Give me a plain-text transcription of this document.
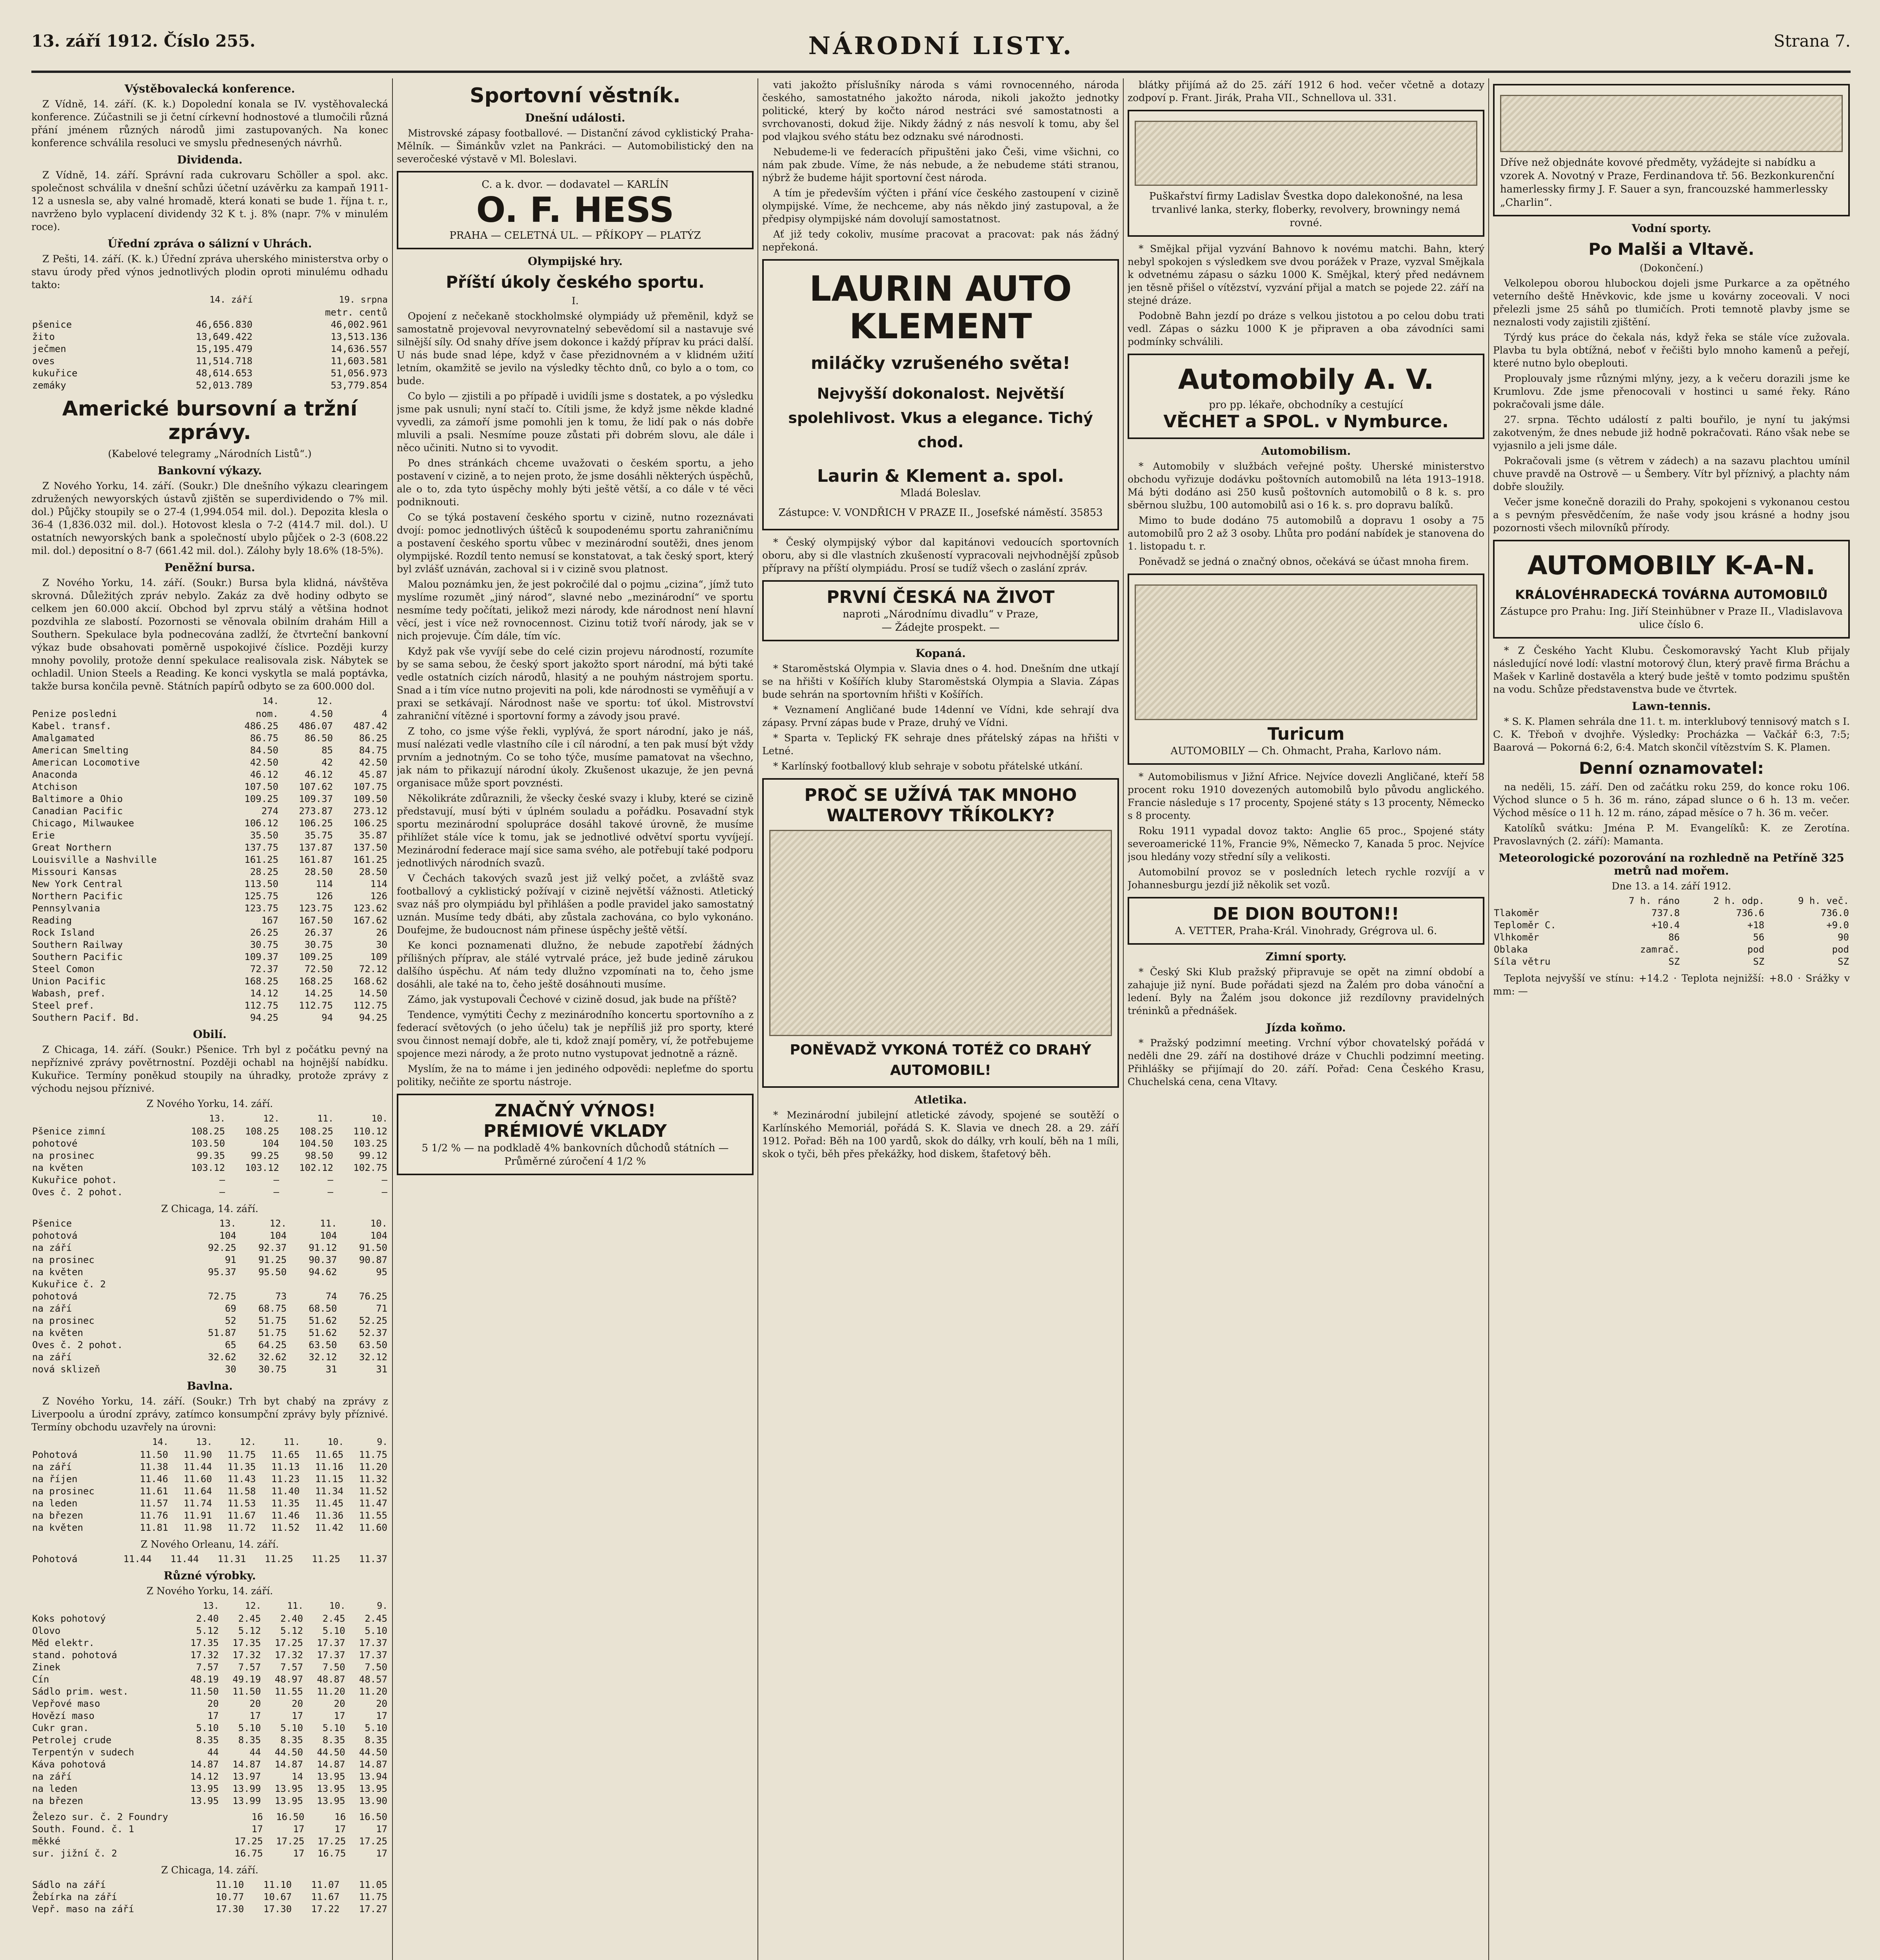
13. září 1912. Číslo 255.	NÁRODNÍ LISTY.	Strana 7.
Výstěbovalecká konference.

Z Vídně, 14. září. (K. k.) Dopolední konala se IV. vystěhovalecká konference. Zúčastnili se ji četní církevní hodnostové a tlumočili různá přání jménem různých národů jimi zastupovaných. Na konec konference schválila resoluci ve smyslu přednesených návrhů.

Dividenda.

Z Vídně, 14. září. Správní rada cukrovaru Schöller a spol. akc. společnost schválila v dnešní schůzi účetní uzávěrku za kampaň 1911-12 a usnesla se, aby valné hromadě, která konati se bude 1. října t. r., navrženo bylo vyplacení dividendy 32 K t. j. 8% (napr. 7% v minulém roce).

Úřední zpráva o sálizní v Uhrách.

Z Pešti, 14. září. (K. k.) Úřední zpráva uherského ministerstva orby o stavu úrody před výnos jednotlivých plodin oproti minulému odhadu takto:

	14. září	19. srpna
		metr. centů
pšenice	46,656.830	46,002.961
žito	13,649.422	13,513.136
ječmen	15,195.479	14,636.557
oves	11,514.718	11,603.581
kukuřice	48,614.653	51,056.973
zemáky	52,013.789	53,779.854
Americké bursovní a tržní zprávy.
(Kabelové telegramy „Národních Listů“.)
Bankovní výkazy.

Z Nového Yorku, 14. září. (Soukr.) Dle dnešního výkazu clearingem združených newyorských ústavů zjištěn se superdividendo o 7% mil. dol.) Půjčky stoupily se o 27-4 (1,994.054 mil. dol.). Depozita klesla o 36-4 (1,836.032 mil. dol.). Hotovost klesla o 7-2 (414.7 mil. dol.). U ostatních newyorských bank a společností ubylo půjček o 2-3 (608.22 mil. dol.) depositní o 8-7 (661.42 mil. dol.). Zálohy byly 18.6% (18-5%).

Peněžní bursa.

Z Nového Yorku, 14. září. (Soukr.) Bursa byla klidná, návštěva skrovná. Důležitých zpráv nebylo. Zakáz za dvě hodiny odbyto se celkem jen 60.000 akcií. Obchod byl zprvu stálý a většina hodnot pozdvihla ze slabostí. Pozornosti se věnovala obilním drahám Hill a Southern. Spekulace byla podnecována zadlží, že čtvrteční bankovní výkaz bude obsahovati poměrně uspokojivé číslice. Později kurzy mnohy povolily, protože denní spekulace realisovala zisk. Nábytek se ochladil. Union Steels a Reading. Ke konci vyskytla se malá poptávka, takže bursa končila pevně. Státních papírů odbyto se za 600.000 dol.

	14.	12.	
Penize posledni	nom.	4.50	4
Kabel. transf.	486.25	486.07	487.42
Amalgamated	86.75	86.50	86.25
American Smelting	84.50	85	84.75
American Locomotive	42.50	42	42.50
Anaconda	46.12	46.12	45.87
Atchison	107.50	107.62	107.75
Baltimore a Ohio	109.25	109.37	109.50
Canadian Pacific	274	273.87	273.12
Chicago, Milwaukee	106.12	106.25	106.25
Erie	35.50	35.75	35.87
Great Northern	137.75	137.87	137.50
Louisville a Nashville	161.25	161.87	161.25
Missouri Kansas	28.25	28.50	28.50
New York Central	113.50	114	114
Northern Pacific	125.75	126	126
Pennsylvania	123.75	123.75	123.62
Reading	167	167.50	167.62
Rock Island	26.25	26.37	26
Southern Railway	30.75	30.75	30
Southern Pacific	109.37	109.25	109
Steel Comon	72.37	72.50	72.12
Union Pacific	168.25	168.25	168.62
Wabash, pref.	14.12	14.25	14.50
Steel pref.	112.75	112.75	112.75
Southern Pacif. Bd.	94.25	94	94.25
Obilí.

Z Chicaga, 14. září. (Soukr.) Pšenice. Trh byl z počátku pevný na nepříznivé zprávy povětrnostní. Později ochabl na hojnější nabídku. Kukuřice. Termíny poněkud stoupily na úhradky, protože zprávy z východu nejsou příznivé.

Z Nového Yorku, 14. září.
	13.	12.	11.	10.
Pšenice zimní	108.25	108.25	108.25	110.12
pohotové	103.50	104	104.50	103.25
na prosinec	99.35	99.25	98.50	99.12
na květen	103.12	103.12	102.12	102.75
Kukuřice pohot.	—	—	—	—
Oves č. 2 pohot.	—	—	—	—
Z Chicaga, 14. září.
Pšenice	13.	12.	11.	10.
pohotová	104	104	104	104
na září	92.25	92.37	91.12	91.50
na prosinec	91	91.25	90.37	90.87
na květen	95.37	95.50	94.62	95
Kukuřice č. 2				
pohotová	72.75	73	74	76.25
na září	69	68.75	68.50	71
na prosinec	52	51.75	51.62	52.25
na květen	51.87	51.75	51.62	52.37
Oves č. 2 pohot.	65	64.25	63.50	63.50
na září	32.62	32.62	32.12	32.12
nová sklizeň	30	30.75	31	31
Bavlna.

Z Nového Yorku, 14. září. (Soukr.) Trh byt chabý na zprávy z Liverpoolu a úrodní zprávy, zatímco konsumpční zprávy byly příznivé. Termíny obchodu uzavřely na úrovni:

	14.	13.	12.	11.	10.	9.
Pohotová	11.50	11.90	11.75	11.65	11.65	11.75
na září	11.38	11.44	11.35	11.13	11.16	11.20
na říjen	11.46	11.60	11.43	11.23	11.15	11.32
na prosinec	11.61	11.64	11.58	11.40	11.34	11.52
na leden	11.57	11.74	11.53	11.35	11.45	11.47
na březen	11.76	11.91	11.67	11.46	11.36	11.55
na květen	11.81	11.98	11.72	11.52	11.42	11.60
Z Nového Orleanu, 14. září.
Pohotová	11.44	11.44	11.31	11.25	11.25	11.37
Různé výrobky.
Z Nového Yorku, 14. září.
	13.	12.	11.	10.	9.
Koks pohotový	2.40	2.45	2.40	2.45	2.45
Olovo	5.12	5.12	5.12	5.10	5.10
Měd elektr.	17.35	17.35	17.25	17.37	17.37
stand. pohotová	17.32	17.32	17.32	17.37	17.37
Zinek	7.57	7.57	7.57	7.50	7.50
Cín	48.19	49.19	48.97	48.87	48.57
Sádlo prim. west.	11.50	11.50	11.55	11.20	11.20
Vepřové maso	20	20	20	20	20
Hovězí maso	17	17	17	17	17
Cukr gran.	5.10	5.10	5.10	5.10	5.10
Petrolej crude	8.35	8.35	8.35	8.35	8.35
Terpentýn v sudech	44	44	44.50	44.50	44.50
Káva pohotová	14.87	14.87	14.87	14.87	14.87
na září	14.12	13.97	14	13.95	13.94
na leden	13.95	13.99	13.95	13.95	13.95
na březen	13.95	13.99	13.95	13.95	13.90
Železo sur. č. 2 Foundry	16	16.50	16	16.50
South. Found. č. 1	17	17	17	17
měkké	17.25	17.25	17.25	17.25
sur. jižní č. 2	16.75	17	16.75	17
Z Chicaga, 14. září.
Sádlo na září	11.10	11.10	11.07	11.05
Žebírka na září	10.77	10.67	11.67	11.75
Vepř. maso na září	17.30	17.30	17.22	17.27
Sportovní věstník.
Dnešní události.

Mistrovské zápasy footballové. — Distanční závod cyklistický Praha-Mělník. — Šimánkův vzlet na Pankráci. — Automobilistický den na severočeské výstavě v Ml. Boleslavi.

C. a k. dvor. — dodavatel — KARLÍN
O. F. HESS
PRAHA — CELETNÁ UL. — PŘÍKOPY — PLATÝZ
Olympijské hry.
Příští úkoly českého sportu.
I.

Opojení z nečekaně stockholmské olympiády už přeměnil, když se samostatně projevoval nevyrovnatelný sebevědomí sil a nastavuje své silnější síly. Od snahy dříve jsem dokonce i každý příprav ku práci další. U nás bude snad lépe, když v čase přezidnovném a v klidném užití letním, okamžitě se jevilo na výsledky těchto dnů, co bylo a o tom, co bude.

Co bylo — zjistili a po případě i uvidíli jsme s dostatek, a po výsledku jsme pak usnuli; nyní stačí to. Cítili jsme, že když jsme někde kladné vyvedli, za zámoří jsme pomohli jen k tomu, že lidí pak o nás dobře mluvili a psali. Nesmíme pouze zůstati při dobrém slovu, ale dále i něco učiniti. Nutno si to vyvodit.

Po dnes stránkách chceme uvažovati o českém sportu, a jeho postavení v cizině, a to nejen proto, že jsme dosáhli některých úspěchů, ale o to, zda tyto úspěchy mohly býti ještě větší, a co dále v té věci podniknouti.

Co se týká postavení českého sportu v cizině, nutno rozeznávati dvojí: pomoc jednotlivých úštěců k soupodenému sportu zahraničnímu a postavení českého sportu vůbec v mezinárodní soutěži, dnes jenom olympijské. Rozdíl tento nemusí se konstatovat, a tak český sport, který byl zvlášť uznáván, zachoval si i v cizině svou platnost.

Malou poznámku jen, že jest pokročilé dal o pojmu „cizina“, jímž tuto myslíme rozumět „jiný národ“, slavné nebo „mezinárodní“ ve sportu nesmíme tedy počítati, jelikož mezi národy, kde národnost není hlavní věcí, jest i více než rovnocennost. Cizinu totiž tvoří národy, jak se v nich projevuje. Čím dále, tím víc.

Když pak vše vyvíjí sebe do celé cizin projevu národností, rozumíte by se sama sebou, že český sport jakožto sport národní, má býti také vedle ostatních cizích národů, hlasitý a ne pouhým nástrojem sportu. Snad a i tím více nutno projeviti na poli, kde národnosti se vyměňují a v praxi se setkávají. Národnost naše ve sportu: toť úkol. Mistrovství zahraniční vítězné i sportovní formy a závody jsou pravé.

Z toho, co jsme výše řekli, vyplývá, že sport národní, jako je náš, musí nalézati vedle vlastního cíle i cíl národní, a ten pak musí být vždy prvním a jednotným. Co se toho týče, musíme pamatovat na všechno, jak nám to přikazují národní úkoly. Zkušenost ukazuje, že jen pevná organisace může sport povznésti.

Několikráte zdůraznili, že všecky české svazy i kluby, které se cizině představují, musí býti v úplném souladu a pořádku. Posavadní styk sportu mezinárodní spolupráce dosáhl takové úrovně, že musíme přihlížet stále více k tomu, jak se jednotlivé odvětví sportu vyvíjejí. Mezinárodní federace mají sice sama svého, ale potřebují také podporu jednotlivých národních svazů.

V Čechách takových svazů jest již velký počet, a zvláště svaz footballový a cyklistický požívají v cizině největší vážnosti. Atletický svaz náš pro olympiádu byl přihlášen a podle pravidel jako samostatný uznán. Musíme tedy dbáti, aby zůstala zachována, co bylo vykonáno. Doufejme, že budoucnost nám přinese úspěchy ještě větší.

Ke konci poznamenati dlužno, že nebude zapotřebí žádných přílišných příprav, ale stálé vytrvalé práce, jež bude jedině zárukou dalšího úspěchu. Ať nám tedy dlužno vzpomínati na to, čeho jsme dosáhli, ale také na to, čeho ještě dosáhnouti musíme.

Zámo, jak vystupovali Čechové v cizině dosud, jak bude na příště?

Tendence, vymýtiti Čechy z mezinárodního koncertu sportovního a z federací světových (o jeho účelu) tak je nepříliš již pro sporty, které svou činnost nemají dobře, ale ti, kdož znají poměry, ví, že potřebujeme spojence mezi národy, a že proto nutno vystupovat jednotně a rázně.

Myslím, že na to máme i jen jediného odpovědi: nepleťme do sportu politiky, nečiňte ze sportu nástroje.

ZNAČNÝ VÝNOS!
PRÉMIOVÉ VKLADY
5 1/2 % — na podkladě 4% bankovních důchodů státních — Průměrné zúročení 4 1/2 %

vati jakožto příslušníky národa s vámi rovnocenného, národa českého, samostatného jakožto národa, nikoli jakožto jednotky politické, který by kočto národ nestráci své samostatnosti a svrchovanosti, dokud žije. Nikdy žádný z nás nesvolí k tomu, aby šel pod vlajkou svého státu bez odznaku své národnosti.

Nebudeme-li ve federacích připuštěni jako Češi, vime všichni, co nám pak zbude. Víme, že nás nebude, a že nebudeme státi stranou, nýbrž že budeme hájit sportovní čest národa.

A tím je především výčten i přání více českého zastoupení v cizině olympijské. Víme, že nechceme, aby nás někdo jiný zastupoval, a že předpisy olympijské nám dovolují samostatnost.

Ať již tedy cokoliv, musíme pracovat a pracovat: pak nás žádný nepřekoná.

LAURIN AUTO KLEMENT
miláčky vzrušeného světa!
Nejvyšší dokonalost. Největší spolehlivost. Vkus a elegance. Tichý chod.
Laurin & Klement a. spol.
Mladá Boleslav.
Zástupce: V. VONDŘICH V PRAZE II., Josefské náměstí. 35853

* Český olympijský výbor dal kapitánovi vedoucích sportovních oboru, aby si dle vlastních zkušeností vypracovali nejvhodnější způsob přípravy na příští olympiádu. Prosí se tudíž všech o zaslání zpráv.

PRVNÍ ČESKÁ NA ŽIVOT
naproti „Národnímu divadlu“ v Praze,
— Žádejte prospekt. —
Kopaná.

* Staroměstská Olympia v. Slavia dnes o 4. hod. Dnešním dne utkají se na hřišti v Košířích kluby Staroměstská Olympia a Slavia. Zápas bude sehrán na sportovním hřišti v Košířích.

* Veznamení Angličané bude 14denní ve Vídni, kde sehrají dva zápasy. První zápas bude v Praze, druhý ve Vídni.

* Sparta v. Teplický FK sehraje dnes přátelský zápas na hřišti v Letné.

* Karlínský footballový klub sehraje v sobotu přátelské utkání.

PROČ SE UŽÍVÁ TAK MNOHO WALTEROVY TŘÍKOLKY?
PONĚVADŽ VYKONÁ TOTÉŽ CO DRAHÝ AUTOMOBIL!
Atletika.

* Mezinárodní jubilejní atletické závody, spojené se soutěží o Karlínského Memoriál, pořádá S. K. Slavia ve dnech 28. a 29. září 1912. Pořad: Běh na 100 yardů, skok do dálky, vrh koulí, běh na 1 míli, skok o tyči, běh přes překážky, hod diskem, štafetový běh.

blátky přijímá až do 25. září 1912 6 hod. večer včetně a dotazy zodpoví p. Frant. Jirák, Praha VII., Schnellova ul. 331.

Puškařství firmy Ladislav Švestka dopo dalekonošné, na lesa trvanlivé lanka, sterky, floberky, revolvery, browningy nemá rovné.

* Smějkal přijal vyzvání Bahnovo k novému matchi. Bahn, který nebyl spokojen s výsledkem sve dvou porážek v Praze, vyzval Smějkala k odvetnému zápasu o sázku 1000 K. Smějkal, který před nedávnem jen těsně přišel o vítězství, vyzvání přijal a match se pojede 22. září na stejné dráze.

Podobně Bahn jezdí po dráze s velkou jistotou a po celou dobu trati vedl. Zápas o sázku 1000 K je připraven a oba závodníci sami podmínky schválili.

Automobily A. V.
pro pp. lékaře, obchodníky a cestující
VĚCHET a SPOL. v Nymburce.
Automobilism.

* Automobily v službách veřejné pošty. Uherské ministerstvo obchodu vyřizuje dodávku poštovních automobilů na léta 1913–1918. Má býti dodáno asi 250 kusů poštovních automobilů o 8 k. s. pro sběrnou službu, 100 automobilů asi o 16 k. s. pro dopravu balíků.

Mimo to bude dodáno 75 automobilů a dopravu 1 osoby a 75 automobilů pro 2 až 3 osoby. Lhůta pro podání nabídek je stanovena do 1. listopadu t. r.

Poněvadž se jedná o značný obnos, očekává se účast mnoha firem.

Turicum
AUTOMOBILY — Ch. Ohmacht, Praha, Karlovo nám.

* Automobilismus v Jižní Africe. Nejvíce dovezli Angličané, kteří 58 procent roku 1910 dovezených automobilů bylo původu anglického. Francie následuje s 17 procenty, Spojené státy s 13 procenty, Německo s 8 procenty.

Roku 1911 vypadal dovoz takto: Anglie 65 proc., Spojené státy severoamerické 11%, Francie 9%, Německo 7, Kanada 5 proc. Nejvíce jsou hledány vozy střední síly a velikosti.

Automobilní provoz se v posledních letech rychle rozvíjí a v Johannesburgu jezdí již několik set vozů.

DE DION BOUTON!!
A. VETTER, Praha-Král. Vinohrady, Grégrova ul. 6.
Zimní sporty.

* Český Ski Klub pražský připravuje se opět na zimní období a zahajuje již nyní. Bude pořádati sjezd na Žalém pro doba vánoční a ledení. Byly na Žalém jsou dokonce již rezdílovny pravidelných tréninků a přednášek.

Jízda koňmo.

* Pražský podzimní meeting. Vrchní výbor chovatelský pořádá v neděli dne 29. září na dostihové dráze v Chuchli podzimní meeting. Přihlášky se přijímají do 20. září. Pořad: Cena Českého Krasu, Chuchelská cena, cena Vltavy.

Dříve než objednáte kovové předměty, vyžádejte si nabídku a vzorek A. Novotný v Praze, Ferdinandova tř. 56. Bezkonkurenční hamerlessky firmy J. F. Sauer a syn, francouzské hammerlessky „Charlin“.
Vodní sporty.
Po Malši a Vltavě.
(Dokončení.)

Velkolepou oborou hlubockou dojeli jsme Purkarce a za opětného veterního deště Hněvkovic, kde jsme u kovárny zoceovali. V noci přelezli jsme 25 sáhů po tlumičích. Proti temnotě plavby jsme se neznalosti vody zajistili zjištění.

Týrdý kus práce do čekala nás, když řeka se stále více zužovala. Plavba tu byla obtížná, neboť v řečišti bylo mnoho kamenů a peřejí, které nutno bylo obeplouti.

Proplouvaly jsme různými mlýny, jezy, a k večeru dorazili jsme ke Krumlovu. Zde jsme přenocovali v hostinci u samé řeky. Ráno pokračovali jsme dále.

27. srpna. Těchto událostí z palti bouřilo, je nyní tu jakýmsi zakotveným, že dnes nebude již hodně pokračovati. Ráno však nebe se vyjasnilo a jeli jsme dále.

Pokračovali jsme (s větrem v zádech) a na sazavu plachtou umínil chuve pravdě na Ostrově — u Šembery. Vítr byl příznivý, a plachty nám dobře sloužily.

Večer jsme konečně dorazili do Prahy, spokojeni s vykonanou cestou a s pevným přesvědčením, že naše vody jsou krásné a hodny jsou pozornosti všech milovníků přírody.

AUTOMOBILY K-A-N.
KRÁLOVÉHRADECKÁ TOVÁRNA AUTOMOBILŮ
Zástupce pro Prahu: Ing. Jiří Steinhübner v Praze II., Vladislavova ulice číslo 6.

* Z Českého Yacht Klubu. Českomoravský Yacht Klub přijaly následující nové lodí: vlastní motorový člun, který pravě firma Bráchu a Mašek v Karlině dostavěla a který bude ještě v tomto podzimu spuštěn na vodu. Schůze představenstva bude ve čtvrtek.

Lawn-tennis.

* S. K. Plamen sehrála dne 11. t. m. interklubový tennisový match s I. C. K. Třeboň v dvojhře. Výsledky: Procházka — Vačkář 6:3, 7:5; Baarová — Pokorná 6:2, 6:4. Match skončil vítězstvím S. K. Plamen.

Denní oznamovatel:

na neděli, 15. září. Den od začátku roku 259, do konce roku 106. Východ slunce o 5 h. 36 m. ráno, západ slunce o 6 h. 13 m. večer. Východ měsíce o 11 h. 12 m. ráno, západ měsíce o 7 h. 36 m. večer.

Katolíků svátku: Jména P. M. Evangelíků: K. ze Zerotína. Pravoslavných (2. září): Mamanta.

Meteorologické pozorování na rozhledně na Petříně 325 metrů nad mořem.
Dne 13. a 14. září 1912.
	7 h. ráno	2 h. odp.	9 h. več.
Tlakoměr	737.8	736.6	736.0
Teploměr C.	+10.4	+18	+9.0
Vlhkoměr	86	56	90
Oblaka	zamrač.	pod	pod
Síla větru	SZ	SZ	SZ

Teplota nejvyšší ve stínu: +14.2 · Teplota nejnižší: +8.0 · Srážky v mm: —
